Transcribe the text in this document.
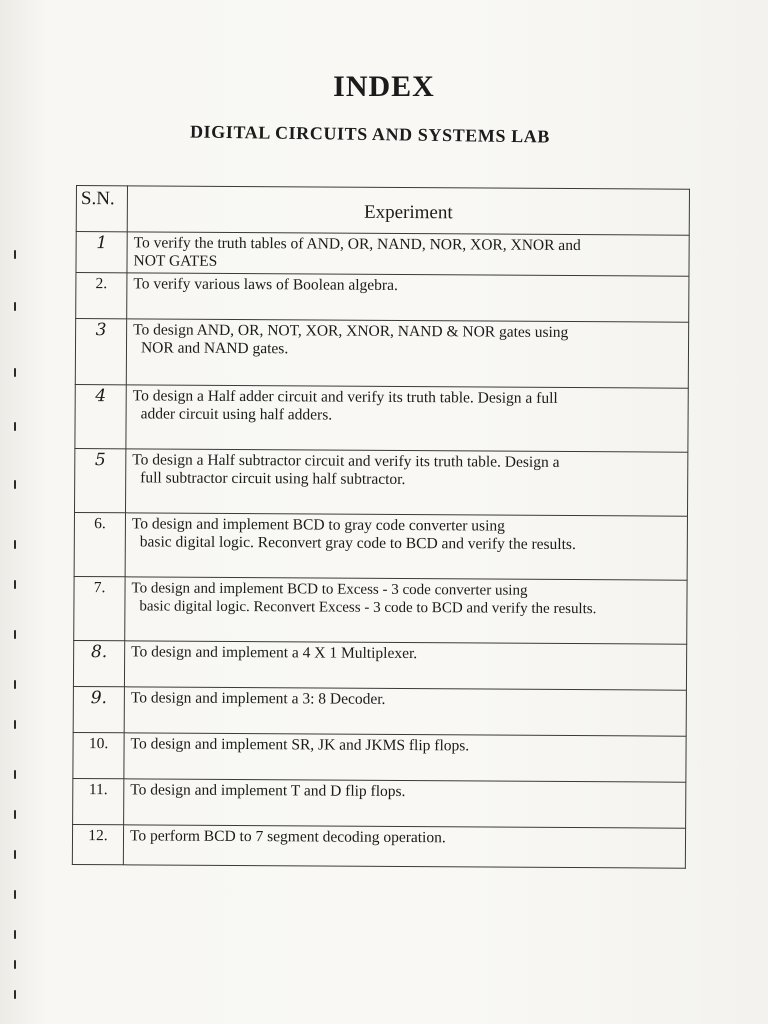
INDEX
DIGITAL CIRCUITS AND SYSTEMS LAB
S.N.	Experiment
1	To verify the truth tables of AND, OR, NAND, NOR, XOR, XNOR and
NOT GATES

2.	To verify various laws of Boolean algebra.

3	To design AND, OR, NOT, XOR, XNOR, NAND & NOR gates using
NOR and NAND gates.

4	To design a Half adder circuit and verify its truth table. Design a full
adder circuit using half adders.

5	To design a Half subtractor circuit and verify its truth table. Design a
full subtractor circuit using half subtractor.

6.	To design and implement BCD to gray code converter using
basic digital logic. Reconvert gray code to BCD and verify the results.

7.	To design and implement BCD to Excess - 3 code converter using
basic digital logic. Reconvert Excess - 3 code to BCD and verify the results.

8.	To design and implement a 4 X 1 Multiplexer.

9.	To design and implement a 3: 8 Decoder.

10.	To design and implement SR, JK and JKMS flip flops.

11.	To design and implement T and D flip flops.

12.	To perform BCD to 7 segment decoding operation.
